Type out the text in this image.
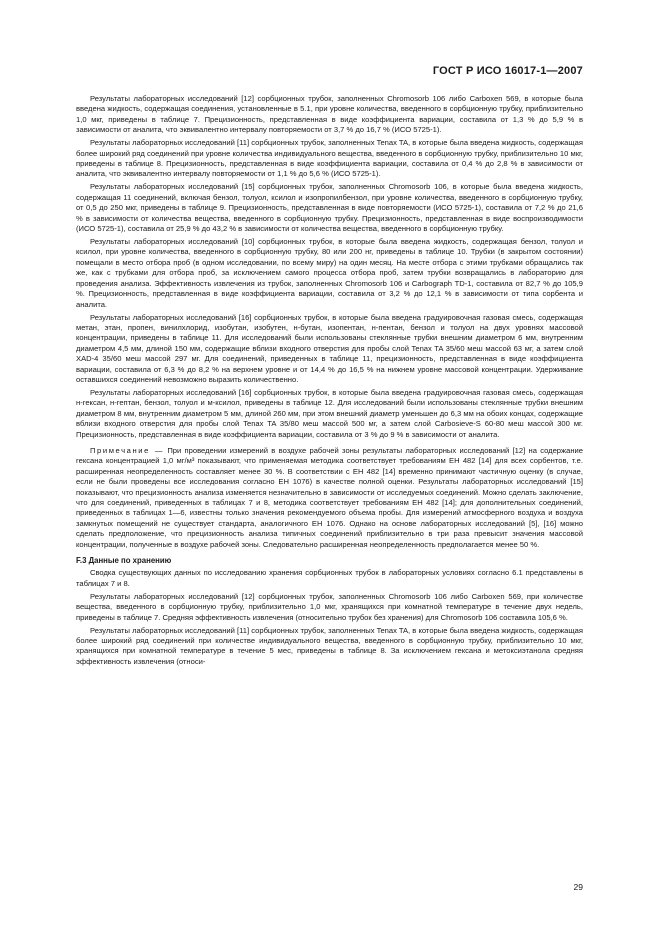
ГОСТ Р ИСО 16017-1—2007

Результаты лабораторных исследований [12] сорбционных трубок, заполненных Chromosorb 106 либо Carboxen 569, в которые была введена жидкость, содержащая соединения, установленные в 5.1, при уровне количества, введенного в сорбционную трубку, приблизительно 1,0 мкг, приведены в таблице 7. Прецизионность, представленная в виде коэффициента вариации, составила от 1,3 % до 5,9 % в зависимости от аналита, что эквивалентно интервалу повторяемости от 3,7 % до 16,7 % (ИСО 5725-1).

Результаты лабораторных исследований [11] сорбционных трубок, заполненных Tenax TA, в которые была введена жидкость, содержащая более широкий ряд соединений при уровне количества индивидуального вещества, введенного в сорбционную трубку, приблизительно 10 мкг, приведены в таблице 8. Прецизионность, представленная в виде коэффициента вариации, составила от 0,4 % до 2,8 % в зависимости от аналита, что эквивалентно интервалу повторяемости от 1,1 % до 5,6 % (ИСО 5725-1).

Результаты лабораторных исследований [15] сорбционных трубок, заполненных Chromosorb 106, в которые была введена жидкость, содержащая 11 соединений, включая бензол, толуол, ксилол и изопропилбензол, при уровне количества, введенного в сорбционную трубку, от 0,5 до 250 мкг, приведены в таблице 9. Прецизионность, представленная в виде повторяемости (ИСО 5725-1), составила от 7,2 % до 21,6 % в зависимости от количества вещества, введенного в сорбционную трубку. Прецизионность, представленная в виде воспроизводимости (ИСО 5725-1), составила от 25,9 % до 43,2 % в зависимости от количества вещества, введенного в сорбционную трубку.

Результаты лабораторных исследований [10] сорбционных трубок, в которые была введена жидкость, содержащая бензол, толуол и ксилол, при уровне количества, введенного в сорбционную трубку, 80 или 200 нг, приведены в таблице 10. Трубки (в закрытом состоянии) помещали в место отбора проб (в одном исследовании, по всему миру) на один месяц. На месте отбора с этими трубками обращались так же, как с трубками для отбора проб, за исключением самого процесса отбора проб, затем трубки возвращались в лабораторию для проведения анализа. Эффективность извлечения из трубок, заполненных Chromosorb 106 и Carbograph TD-1, составила от 82,7 % до 105,9 %. Прецизионность, представленная в виде коэффициента вариации, составила от 3,2 % до 12,1 % в зависимости от типа сорбента и аналита.

Результаты лабораторных исследований [16] сорбционных трубок, в которые была введена градуировочная газовая смесь, содержащая метан, этан, пропен, винилхлорид, изобутан, изобутен, н-бутан, изопентан, н-пентан, бензол и толуол на двух уровнях массовой концентрации, приведены в таблице 11. Для исследований были использованы стеклянные трубки внешним диаметром 6 мм, внутренним диаметром 4,5 мм, длиной 150 мм, содержащие вблизи входного отверстия для пробы слой Tenax TA 35/60 меш массой 63 мг, а затем слой XAD-4 35/60 меш массой 297 мг. Для соединений, приведенных в таблице 11, прецизионность, представленная в виде коэффициента вариации, составила от 6,3 % до 8,2 % на верхнем уровне и от 14,4 % до 16,5 % на нижнем уровне массовой концентрации. Удерживание оставшихся соединений невозможно выразить количественно.

Результаты лабораторных исследований [16] сорбционных трубок, в которые была введена градуировочная газовая смесь, содержащая н-гексан, н-гептан, бензол, толуол и м-ксилол, приведены в таблице 12. Для исследований были использованы стеклянные трубки внешним диаметром 8 мм, внутренним диаметром 5 мм, длиной 260 мм, при этом внешний диаметр уменьшен до 6,3 мм на обоих концах, содержащие вблизи входного отверстия для пробы слой Tenax TA 35/80 меш массой 500 мг, а затем слой Carbosieve-S 60-80 меш массой 300 мг. Прецизионность, представленная в виде коэффициента вариации, составила от 3 % до 9 % в зависимости от аналита.

Примечание — При проведении измерений в воздухе рабочей зоны результаты лабораторных исследований [12] на содержание гексана концентрацией 1,0 мг/м³ показывают, что применяемая методика соответствует требованиям ЕН 482 [14] для всех сорбентов, т.е. расширенная неопределенность составляет менее 30 %. В соответствии с ЕН 482 [14] временно принимают частичную оценку (в случае, если не были проведены все исследования согласно ЕН 1076) в качестве полной оценки. Результаты лабораторных исследований [15] показывают, что прецизионность анализа изменяется незначительно в зависимости от исследуемых соединений. Можно сделать заключение, что для соединений, приведенных в таблицах 7 и 8, методика соответствует требованиям ЕН 482 [14]; для дополнительных соединений, приведенных в таблицах 1—6, известны только значения рекомендуемого объема пробы. Для измерений атмосферного воздуха и воздуха замкнутых помещений не существует стандарта, аналогичного ЕН 1076. Однако на основе лабораторных исследований [5], [16] можно сделать предположение, что прецизионность анализа типичных соединений приблизительно в три раза превысит значения массовой концентрации, полученные в воздухе рабочей зоны. Следовательно расширенная неопределенность предполагается менее 50 %.

F.3 Данные по хранению

Сводка существующих данных по исследованию хранения сорбционных трубок в лабораторных условиях согласно 6.1 представлены в таблицах 7 и 8.

Результаты лабораторных исследований [12] сорбционных трубок, заполненных Chromosorb 106 либо Carboxen 569, при количестве вещества, введенного в сорбционную трубку, приблизительно 1,0 мкг, хранящихся при комнатной температуре в течение двух недель, приведены в таблице 7. Средняя эффективность извлечения (относительно трубок без хранения) для Chromosorb 106 составила 105,6 %.

Результаты лабораторных исследований [11] сорбционных трубок, заполненных Tenax TA, в которые была введена жидкость, содержащая более широкий ряд соединений при количестве индивидуального вещества, введенного в сорбционную трубку, приблизительно 10 мкг, хранящихся при комнатной температуре в течение 5 мес, приведены в таблице 8. За исключением гексана и метоксиэтанола средняя эффективность извлечения (относи-

29
